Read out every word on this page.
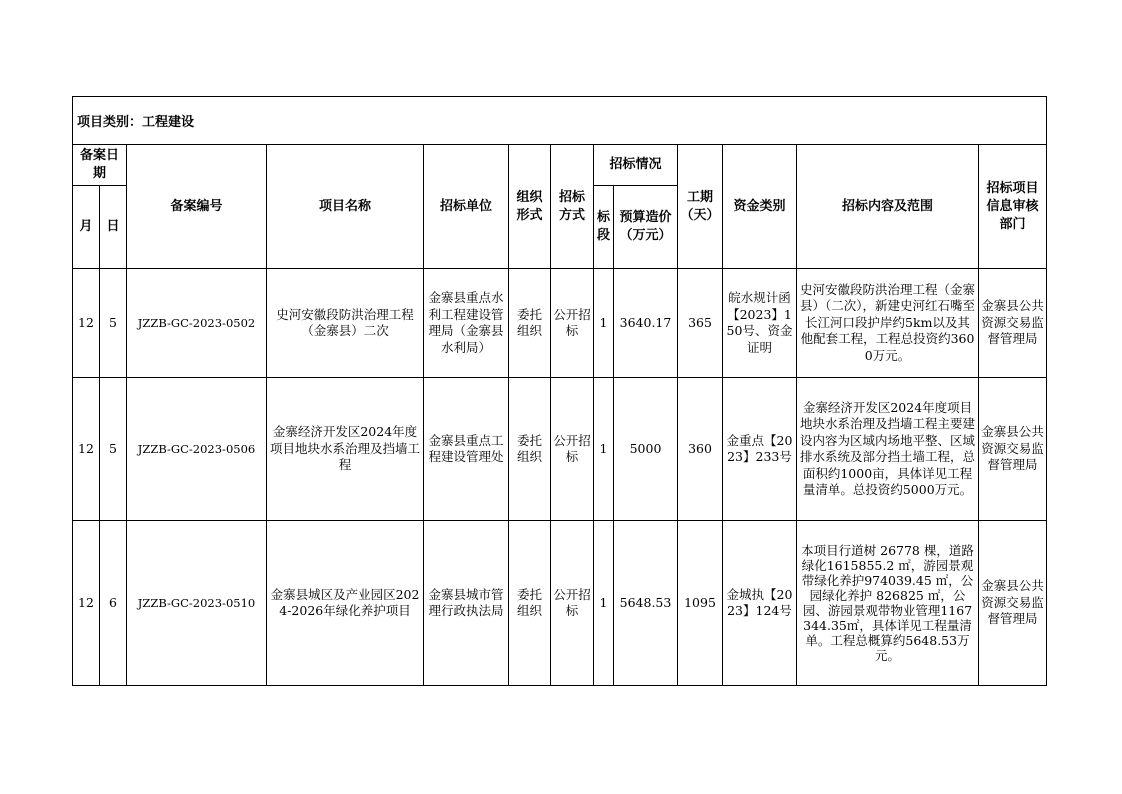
项目类别：工程建设												
备案日期		备案编号	项目名称	招标单位	组织形式	招标方式	招标情况		工期（天）	资金类别	招标内容及范围	招标项目信息审核部门
月	日						标段	预算造价（万元）				
12	5	JZZB-GC-2023-0502	史河安徽段防洪治理工程（金寨县）二次	金寨县重点水利工程建设管理局（金寨县水利局）	委托组织	公开招标	1	3640.17	365	皖水规计函【2023】150号、资金证明	史河安徽段防洪治理工程（金寨县）（二次），新建史河红石嘴至长江河口段护岸约5km以及其他配套工程，工程总投资约3600万元。	金寨县公共资源交易监督管理局
12	5	JZZB-GC-2023-0506	金寨经济开发区2024年度项目地块水系治理及挡墙工程	金寨县重点工程建设管理处	委托组织	公开招标	1	5000	360	金重点【2023】233号	金寨经济开发区2024年度项目地块水系治理及挡墙工程主要建设内容为区域内场地平整、区域排水系统及部分挡土墙工程，总面积约1000亩，具体详见工程量清单。总投资约5000万元。	金寨县公共资源交易监督管理局
12	6	JZZB-GC-2023-0510	金寨县城区及产业园区2024-2026年绿化养护项目	金寨县城市管理行政执法局	委托组织	公开招标	1	5648.53	1095	金城执【2023】124号	本项目行道树 26778 棵，道路绿化1615855.2 ㎡，游园景观带绿化养护974039.45 ㎡，公园绿化养护 826825 ㎡，公园、游园景观带物业管理1167344.35㎡，具体详见工程量清单。工程总概算约5648.53万元。	金寨县公共资源交易监督管理局
